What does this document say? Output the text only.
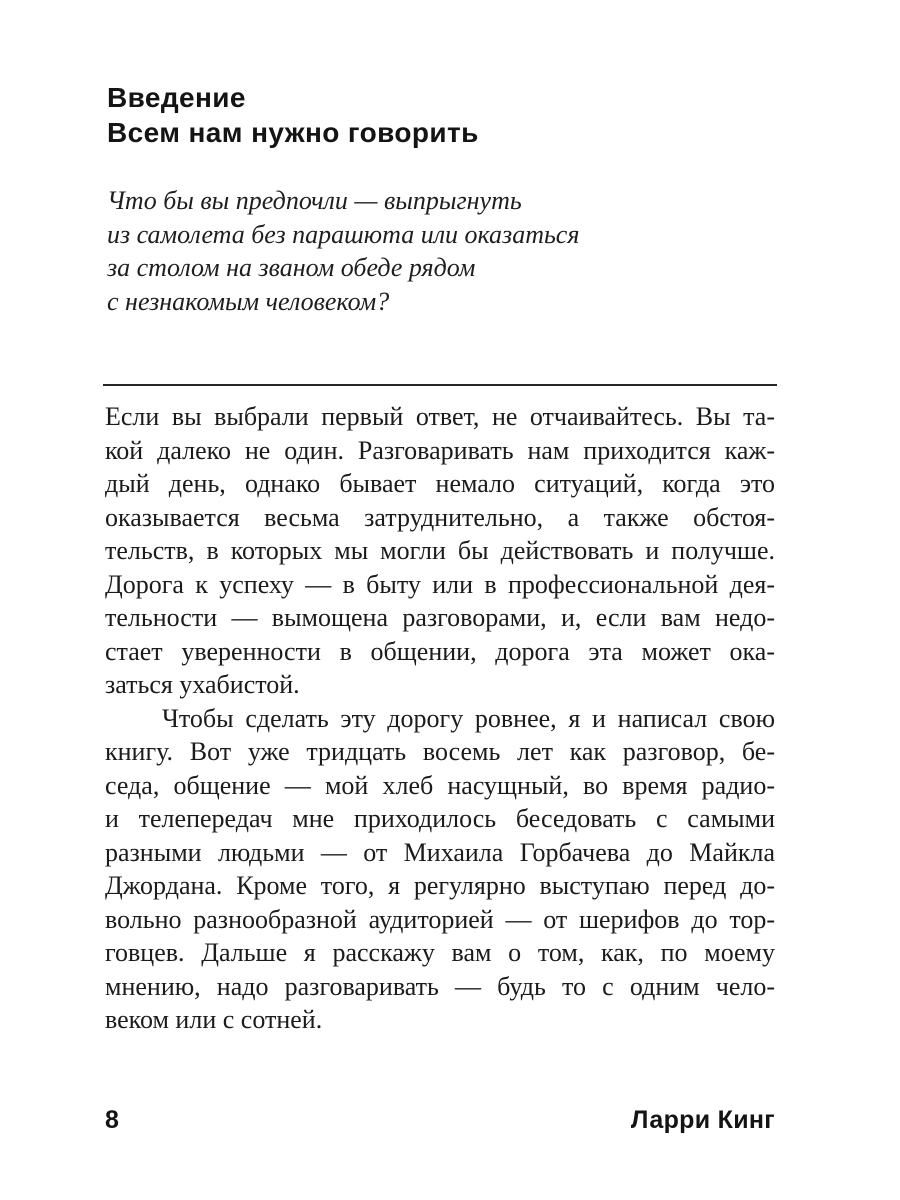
Введение
Всем нам нужно говорить
Что бы вы предпочли — выпрыгнуть
из самолета без парашюта или оказаться
за столом на званом обеде рядом
с незнакомым человеком?

Если вы выбрали первый ответ, не отчаивайтесь. Вы та-
кой далеко не один. Разговаривать нам приходится каж-
дый день, однако бывает немало ситуаций, когда это
оказывается весьма затруднительно, а также обстоя-
тельств, в которых мы могли бы действовать и получше.
Дорога к успеху — в быту или в профессиональной дея-
тельности — вымощена разговорами, и, если вам недо-
стает уверенности в общении, дорога эта может ока-
заться ухабистой.

Чтобы сделать эту дорогу ровнее, я и написал свою
книгу. Вот уже тридцать восемь лет как разговор, бе-
седа, общение — мой хлеб насущный, во время радио-
и телепередач мне приходилось беседовать с самыми
разными людьми — от Михаила Горбачева до Майкла
Джордана. Кроме того, я регулярно выступаю перед до-
вольно разнообразной аудиторией — от шерифов до тор-
говцев. Дальше я расскажу вам о том, как, по моему
мнению, надо разговаривать — будь то с одним чело-
веком или с сотней.

8	Ларри Кинг
